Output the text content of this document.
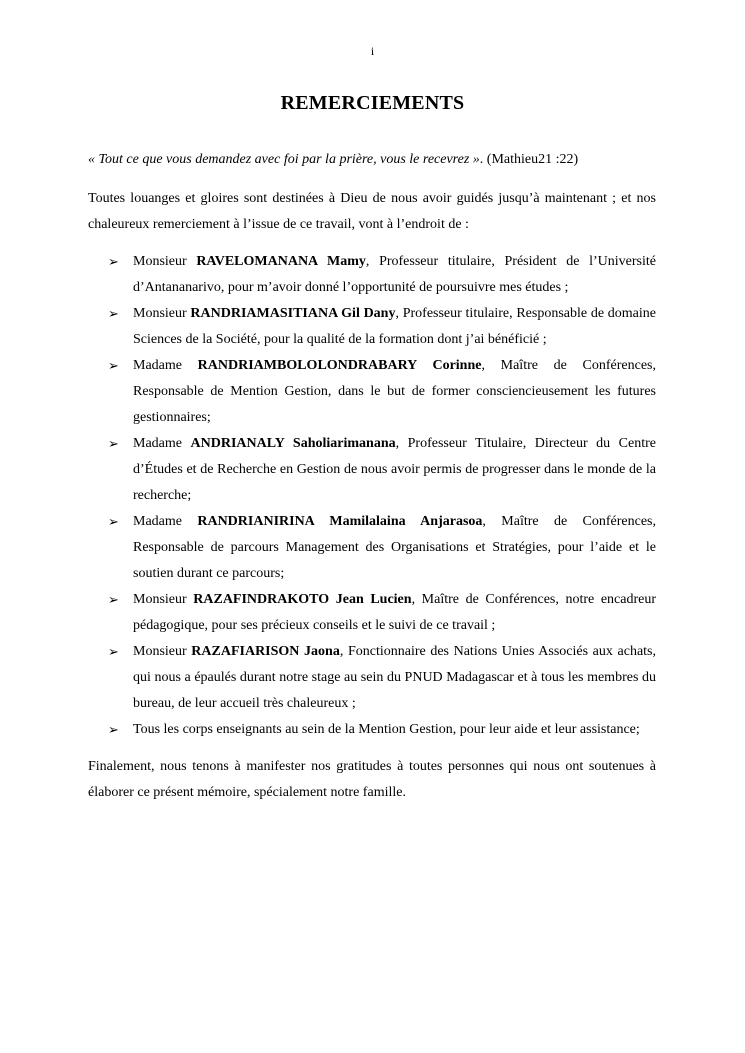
i
REMERCIEMENTS

« Tout ce que vous demandez avec foi par la prière, vous le recevrez ». (Mathieu21 :22)

Toutes louanges et gloires sont destinées à Dieu de nous avoir guidés jusqu’à maintenant ; et nos chaleureux remerciement à l’issue de ce travail, vont à l’endroit de :

➢ Monsieur RAVELOMANANA Mamy, Professeur titulaire, Président de l’Université d’Antananarivo, pour m’avoir donné l’opportunité de poursuivre mes études ;
➢ Monsieur RANDRIAMASITIANA Gil Dany, Professeur titulaire, Responsable de domaine Sciences de la Société, pour la qualité de la formation dont j’ai bénéficié ;
➢ Madame RANDRIAMBOLOLONDRABARY Corinne, Maître de Conférences, Responsable de Mention Gestion, dans le but de former consciencieusement les futures gestionnaires;
➢ Madame ANDRIANALY Saholiarimanana, Professeur Titulaire, Directeur du Centre d’Études et de Recherche en Gestion de nous avoir permis de progresser dans le monde de la recherche;
➢ Madame RANDRIANIRINA Mamilalaina Anjarasoa, Maître de Conférences, Responsable de parcours Management des Organisations et Stratégies, pour l’aide et le soutien durant ce parcours;
➢ Monsieur RAZAFINDRAKOTO Jean Lucien, Maître de Conférences, notre encadreur pédagogique, pour ses précieux conseils et le suivi de ce travail ;
➢ Monsieur RAZAFIARISON Jaona, Fonctionnaire des Nations Unies Associés aux achats, qui nous a épaulés durant notre stage au sein du PNUD Madagascar et à tous les membres du bureau, de leur accueil très chaleureux ;
➢ Tous les corps enseignants au sein de la Mention Gestion, pour leur aide et leur assistance;

Finalement, nous tenons à manifester nos gratitudes à toutes personnes qui nous ont soutenues à élaborer ce présent mémoire, spécialement notre famille.
